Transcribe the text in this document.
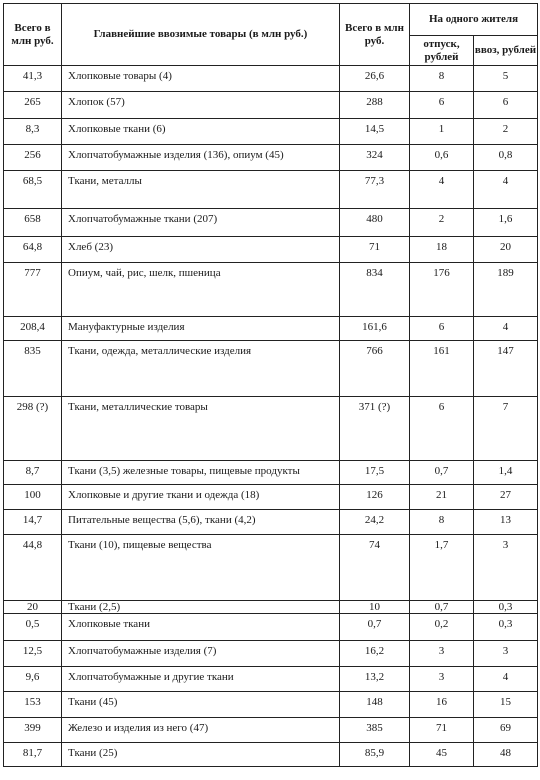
Всего в млн руб.	Главнейшие ввозимые товары (в млн руб.)	Всего в млн руб.	На одного жителя	
			отпуск, рублей	ввоз, рублей
41,3	Хлопковые товары (4)	26,6	8	5
265	Хлопок (57)	288	6	6
8,3	Хлопковые ткани (6)	14,5	1	2
256	Хлопчатобумажные изделия (136), опиум (45)	324	0,6	0,8
68,5	Ткани, металлы	77,3	4	4
658	Хлопчатобумажные ткани (207)	480	2	1,6
64,8	Хлеб (23)	71	18	20
777	Опиум, чай, рис, шелк, пшеница	834	176	189
208,4	Мануфактурные изделия	161,6	6	4
835	Ткани, одежда, металлические изделия	766	161	147
298 (?)	Ткани, металлические товары	371 (?)	6	7
8,7	Ткани (3,5) железные товары, пищевые продукты	17,5	0,7	1,4
100	Хлопковые и другие ткани и одежда (18)	126	21	27
14,7	Питательные вещества (5,6), ткани (4,2)	24,2	8	13
44,8	Ткани (10), пищевые вещества	74	1,7	3
20	Ткани (2,5)	10	0,7	0,3
0,5	Хлопковые ткани	0,7	0,2	0,3
12,5	Хлопчатобумажные изделия (7)	16,2	3	3
9,6	Хлопчатобумажные и другие ткани	13,2	3	4
153	Ткани (45)	148	16	15
399	Железо и изделия из него (47)	385	71	69
81,7	Ткани (25)	85,9	45	48
